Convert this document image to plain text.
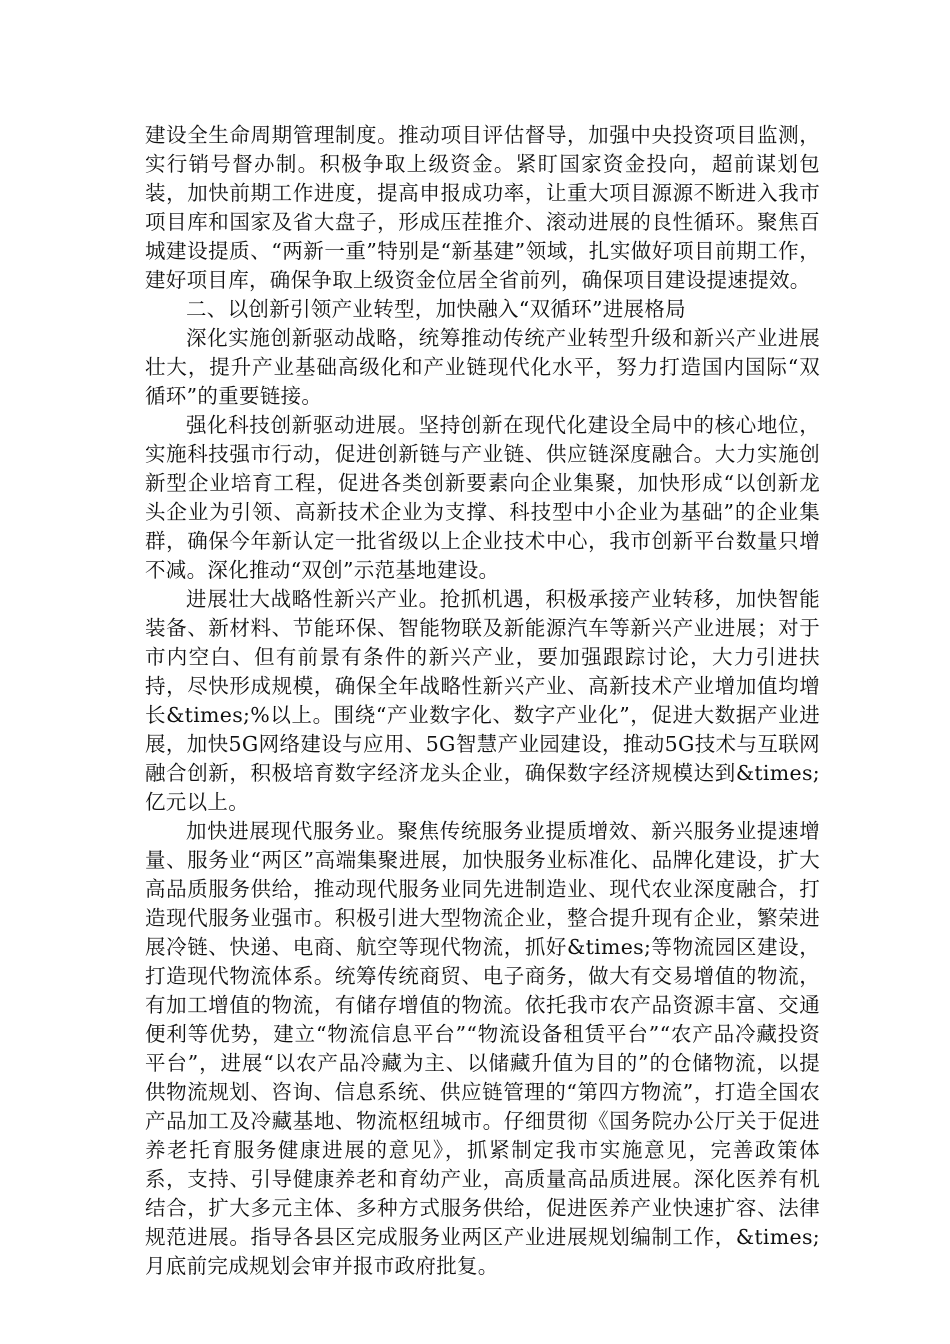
建设全生命周期管理制度。推动项目评估督导，加强中央投资项目监测，实行销号督办制。积极争取上级资金。紧盯国家资金投向，超前谋划包装，加快前期工作进度，提高申报成功率，让重大项目源源不断进入我市项目库和国家及省大盘子，形成压茬推介、滚动进展的良性循环。聚焦百城建设提质、“两新一重”特别是“新基建”领域，扎实做好项目前期工作，建好项目库，确保争取上级资金位居全省前列，确保项目建设提速提效。

二、以创新引领产业转型，加快融入“双循环”进展格局

深化实施创新驱动战略，统筹推动传统产业转型升级和新兴产业进展壮大，提升产业基础高级化和产业链现代化水平，努力打造国内国际“双循环”的重要链接。

强化科技创新驱动进展。坚持创新在现代化建设全局中的核心地位，实施科技强市行动，促进创新链与产业链、供应链深度融合。大力实施创新型企业培育工程，促进各类创新要素向企业集聚，加快形成“以创新龙头企业为引领、高新技术企业为支撑、科技型中小企业为基础”的企业集群，确保今年新认定一批省级以上企业技术中心，我市创新平台数量只增不减。深化推动“双创”示范基地建设。

进展壮大战略性新兴产业。抢抓机遇，积极承接产业转移，加快智能装备、新材料、节能环保、智能物联及新能源汽车等新兴产业进展；对于市内空白、但有前景有条件的新兴产业，要加强跟踪讨论，大力引进扶持，尽快形成规模，确保全年战略性新兴产业、高新技术产业增加值均增长&times;%以上。围绕“产业数字化、数字产业化”，促进大数据产业进展，加快5G网络建设与应用、5G智慧产业园建设，推动5G技术与互联网融合创新，积极培育数字经济龙头企业，确保数字经济规模达到&times;亿元以上。

加快进展现代服务业。聚焦传统服务业提质增效、新兴服务业提速增量、服务业“两区”高端集聚进展，加快服务业标准化、品牌化建设，扩大高品质服务供给，推动现代服务业同先进制造业、现代农业深度融合，打造现代服务业强市。积极引进大型物流企业，整合提升现有企业，繁荣进展冷链、快递、电商、航空等现代物流，抓好&times;等物流园区建设，打造现代物流体系。统筹传统商贸、电子商务，做大有交易增值的物流，有加工增值的物流，有储存增值的物流。依托我市农产品资源丰富、交通便利等优势，建立“物流信息平台”“物流设备租赁平台”“农产品冷藏投资平台”，进展“以农产品冷藏为主、以储藏升值为目的”的仓储物流，以提供物流规划、咨询、信息系统、供应链管理的“第四方物流”，打造全国农产品加工及冷藏基地、物流枢纽城市。仔细贯彻《国务院办公厅关于促进养老托育服务健康进展的意见》，抓紧制定我市实施意见，完善政策体系，支持、引导健康养老和育幼产业，高质量高品质进展。深化医养有机结合，扩大多元主体、多种方式服务供给，促进医养产业快速扩容、法律规范进展。指导各县区完成服务业两区产业进展规划编制工作，&times;月底前完成规划会审并报市政府批复。
